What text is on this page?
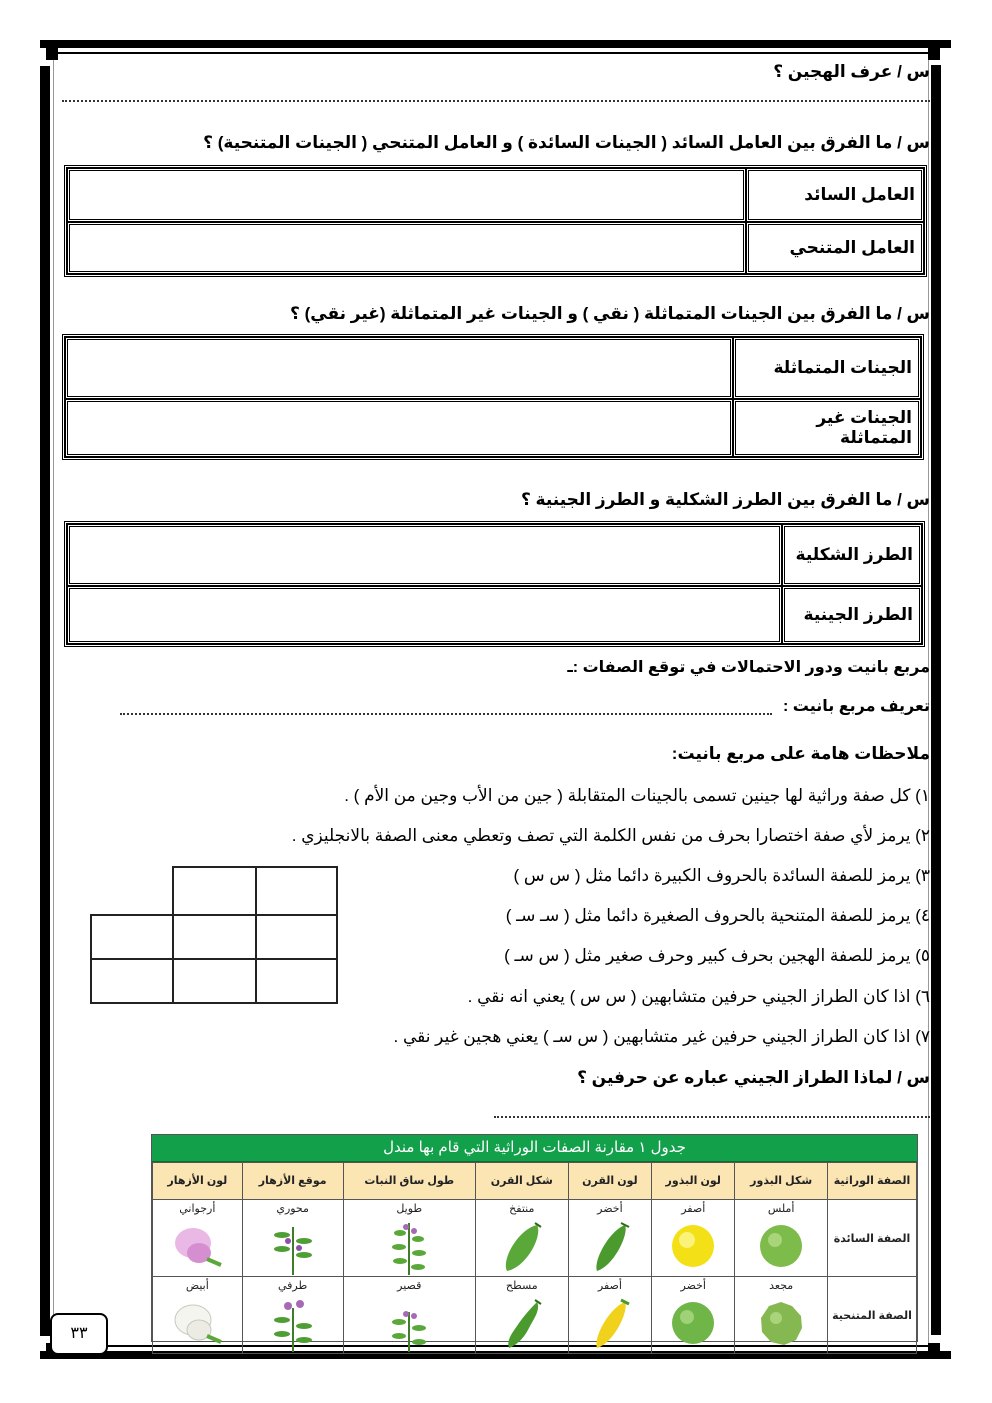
س / عرف الهجين ؟
س / ما الفرق بين العامل السائد ( الجينات السائدة ) و العامل المتنحي ( الجينات المتنحية) ؟
العامل السائد	
العامل المتنحي	
س / ما الفرق بين الجينات المتماثلة ( نقي ) و الجينات غير المتماثلة (غير نقي) ؟
الجينات المتماثلة	
الجينات غير المتماثلة	
س / ما الفرق بين الطرز الشكلية و الطرز الجينية ؟
الطرز الشكلية	
الطرز الجينية	
مربع بانيت ودور الاحتمالات في توقع الصفات :ـ
تعريف مربع بانيت :
ملاحظات هامة على مربع بانيت:
١) كل صفة وراثية لها جينين تسمى بالجينات المتقابلة ( جين من الأب وجين من الأم ) .
٢) يرمز لأي صفة اختصارا بحرف من نفس الكلمة التي تصف وتعطي معنى الصفة بالانجليزي .
٣) يرمز للصفة السائدة بالحروف الكبيرة دائما مثل ( س س )
٤) يرمز للصفة المتنحية بالحروف الصغيرة دائما مثل ( سـ سـ )
٥) يرمز للصفة الهجين بحرف كبير وحرف صغير مثل ( س سـ )
٦) اذا كان الطراز الجيني حرفين متشابهين ( س س ) يعني انه نقي .
٧) اذا كان الطراز الجيني حرفين غير متشابهين ( س سـ ) يعني هجين غير نقي .
س / لماذا الطراز الجيني عباره عن حرفين ؟
جدول ١ مقارنة الصفات الوراثية التي قام بها مندل
الصفة الوراثية	شكل البذور	لون البذور	لون القرن	شكل القرن	طول ساق النبات	موقع الأزهار	لون الأزهار
الصفة السائدة	أملس	أصفر	أخضر	منتفخ	طويل	محوري	أرجواني

الصفة المتنحية	مجعد	أخضر	أصفر	مسطح	قصير	طرفي	أبيض
٣٣
